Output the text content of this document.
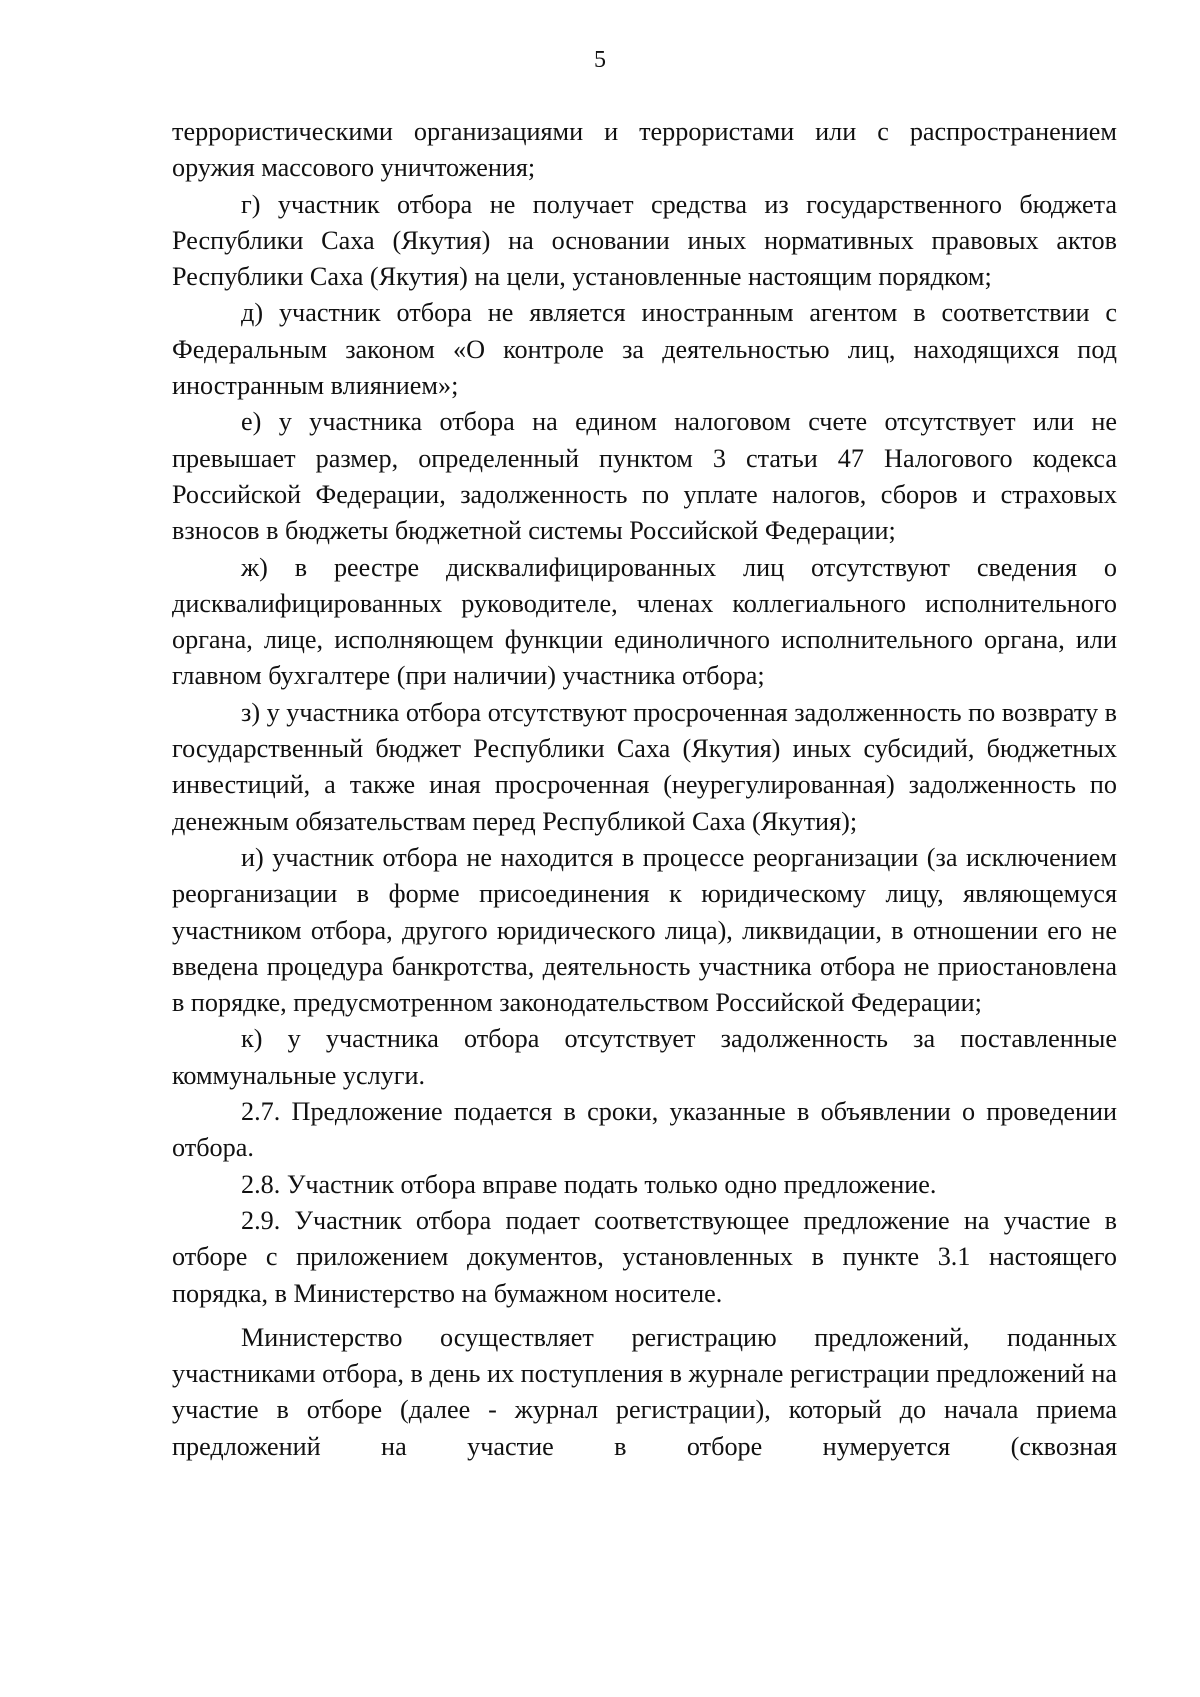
5

террористическими организациями и террористами или с распространением оружия массового уничтожения;

г) участник отбора не получает средства из государственного бюджета Республики Саха (Якутия) на основании иных нормативных правовых актов Республики Саха (Якутия) на цели, установленные настоящим порядком;

д) участник отбора не является иностранным агентом в соответствии с Федеральным законом «О контроле за деятельностью лиц, находящихся под иностранным влиянием»;

е) у участника отбора на едином налоговом счете отсутствует или не превышает размер, определенный пунктом 3 статьи 47 Налогового кодекса Российской Федерации, задолженность по уплате налогов, сборов и страховых взносов в бюджеты бюджетной системы Российской Федерации;

ж) в реестре дисквалифицированных лиц отсутствуют сведения о дисквалифицированных руководителе, членах коллегиального исполнительного органа, лице, исполняющем функции единоличного исполнительного органа, или главном бухгалтере (при наличии) участника отбора;

з) у участника отбора отсутствуют просроченная задолженность по возврату в государственный бюджет Республики Саха (Якутия) иных субсидий, бюджетных инвестиций, а также иная просроченная (неурегулированная) задолженность по денежным обязательствам перед Республикой Саха (Якутия);

и) участник отбора не находится в процессе реорганизации (за исключением реорганизации в форме присоединения к юридическому лицу, являющемуся участником отбора, другого юридического лица), ликвидации, в отношении его не введена процедура банкротства, деятельность участника отбора не приостановлена в порядке, предусмотренном законодательством Российской Федерации;

к) у участника отбора отсутствует задолженность за поставленные коммунальные услуги.

2.7. Предложение подается в сроки, указанные в объявлении о проведении отбора.

2.8. Участник отбора вправе подать только одно предложение.

2.9. Участник отбора подает соответствующее предложение на участие в отборе с приложением документов, установленных в пункте 3.1 настоящего порядка, в Министерство на бумажном носителе.

Министерство осуществляет регистрацию предложений, поданных участниками отбора, в день их поступления в журнале регистрации предложений на участие в отборе (далее - журнал регистрации), который до начала приема предложений на участие в отборе нумеруется (сквозная
